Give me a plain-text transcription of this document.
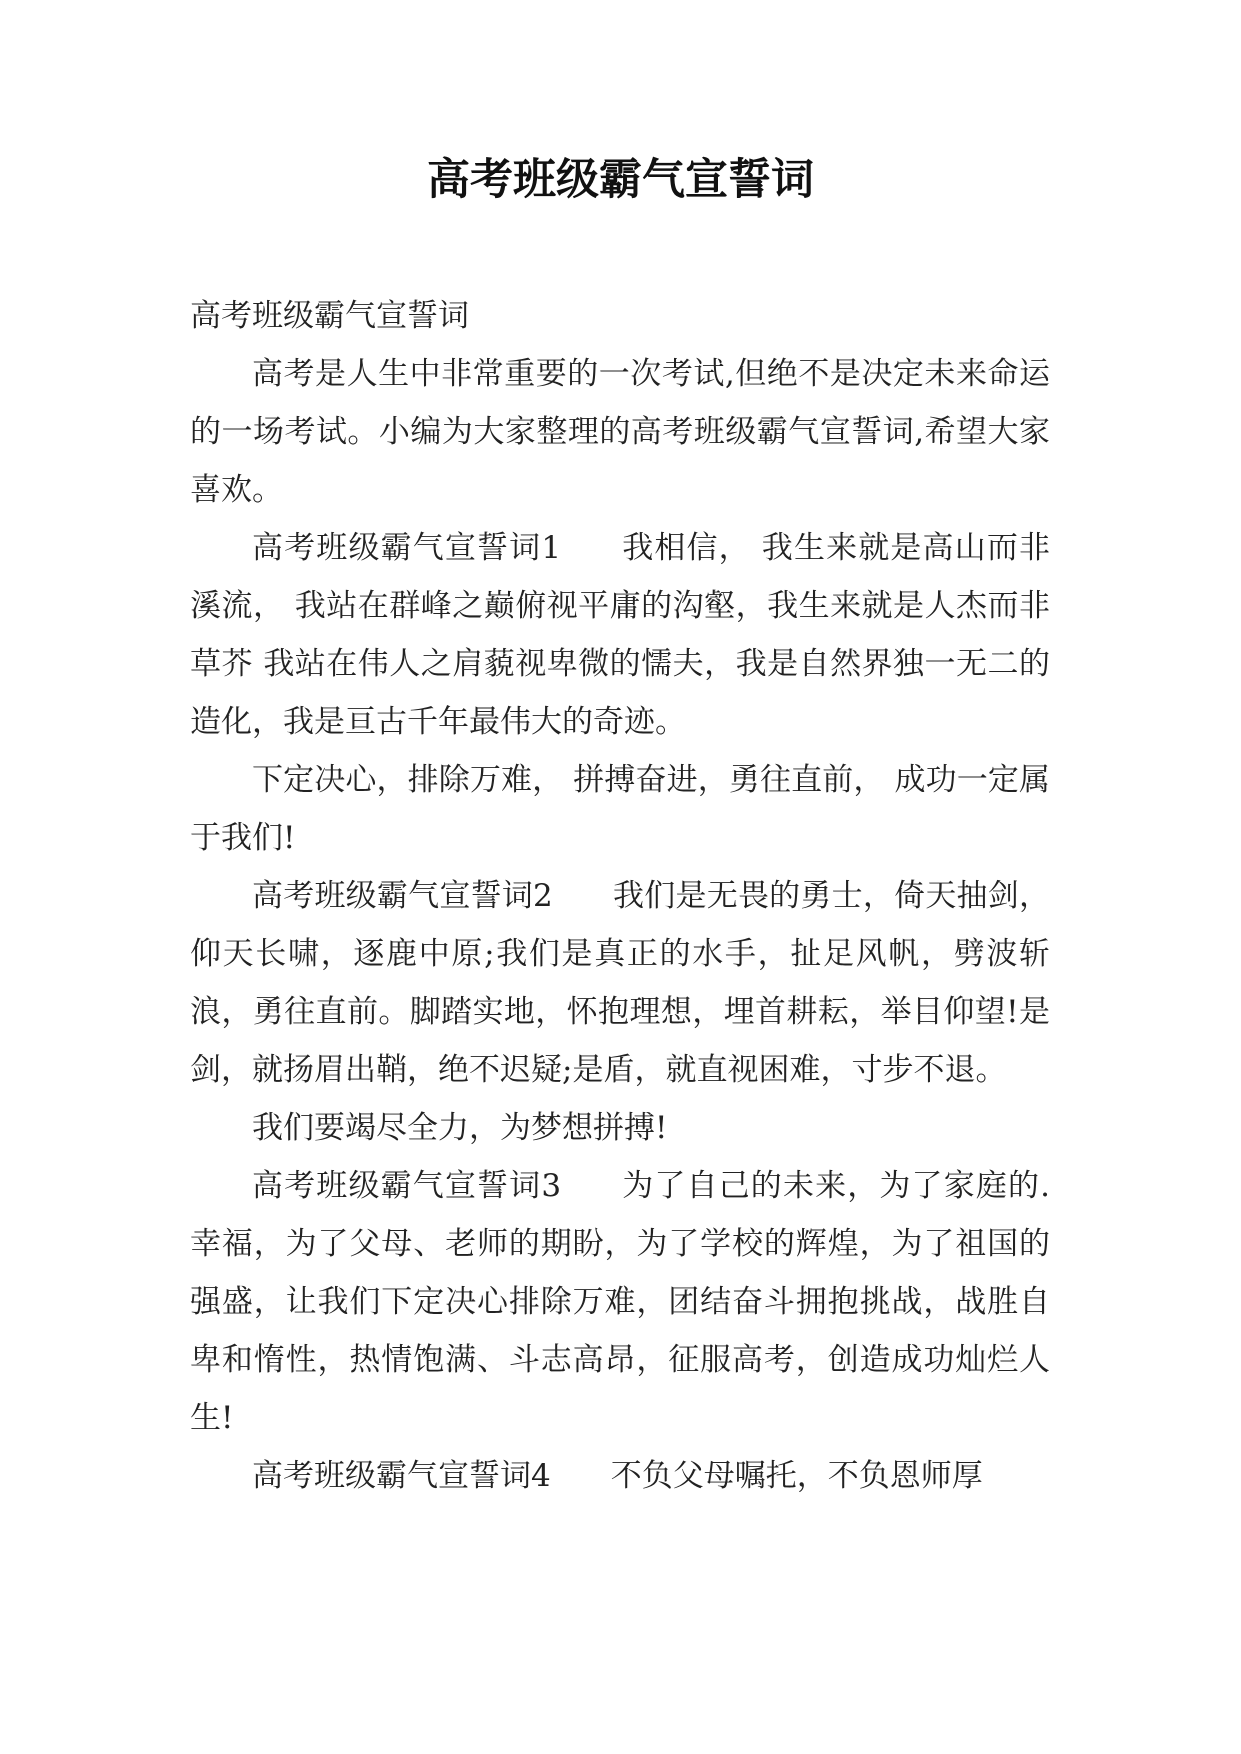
高考班级霸气宣誓词

高考班级霸气宣誓词

高考是人生中非常重要的一次考试,但绝不是决定未来命运的一场考试。小编为大家整理的高考班级霸气宣誓词,希望大家喜欢。

高考班级霸气宣誓词1 我相信， 我生来就是高山而非溪流， 我站在群峰之巅俯视平庸的沟壑，我生来就是人杰而非草芥 我站在伟人之肩藐视卑微的懦夫，我是自然界独一无二的造化，我是亘古千年最伟大的奇迹。

下定决心，排除万难， 拼搏奋进，勇往直前， 成功一定属于我们!

高考班级霸气宣誓词2 我们是无畏的勇士，倚天抽剑，仰天长啸，逐鹿中原;我们是真正的水手，扯足风帆，劈波斩浪，勇往直前。脚踏实地，怀抱理想，埋首耕耘，举目仰望!是剑，就扬眉出鞘，绝不迟疑;是盾，就直视困难，寸步不退。

我们要竭尽全力，为梦想拼搏!

高考班级霸气宣誓词3 为了自己的未来，为了家庭的.幸福，为了父母、老师的期盼，为了学校的辉煌，为了祖国的强盛，让我们下定决心排除万难，团结奋斗拥抱挑战，战胜自卑和惰性，热情饱满、斗志高昂，征服高考，创造成功灿烂人生!

高考班级霸气宣誓词4 不负父母嘱托，不负恩师厚
